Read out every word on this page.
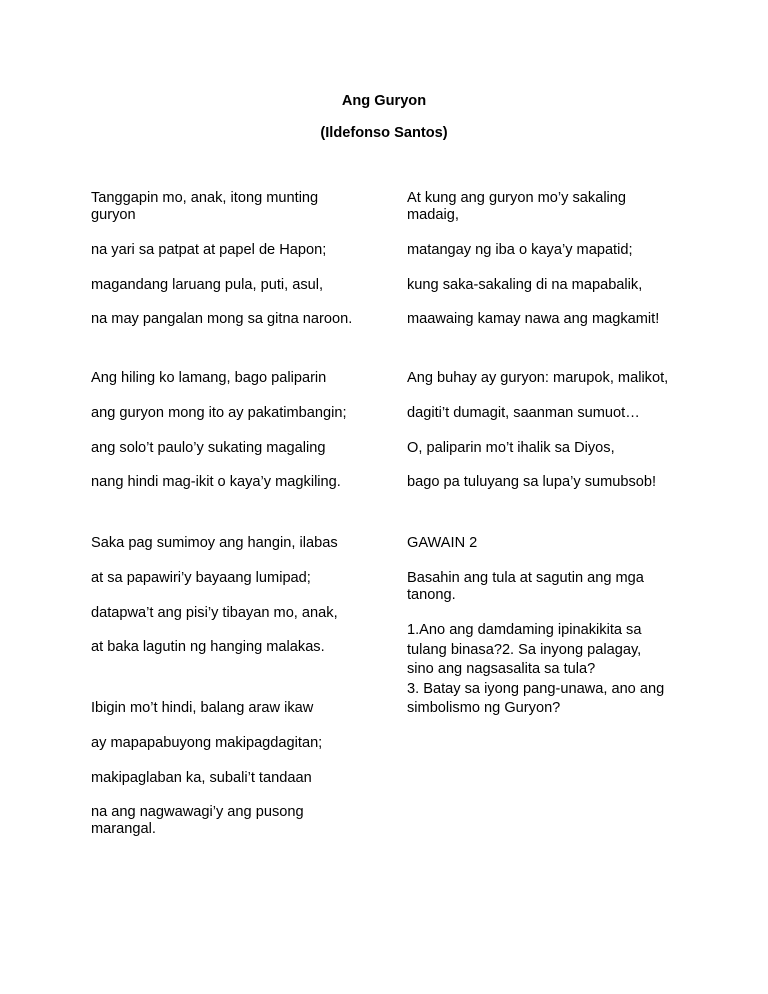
Ang Guryon
(Ildefonso Santos)
Tanggapin mo, anak, itong munting guryon
na yari sa patpat at papel de Hapon;
magandang laruang pula, puti, asul,
na may pangalan mong sa gitna naroon.
Ang hiling ko lamang, bago paliparin
ang guryon mong ito ay pakatimbangin;
ang solo’t paulo’y sukating magaling
nang hindi mag-ikit o kaya’y magkiling.
Saka pag sumimoy ang hangin, ilabas
at sa papawiri’y bayaang lumipad;
datapwa’t ang pisi’y tibayan mo, anak,
at baka lagutin ng hanging malakas.
Ibigin mo’t hindi, balang araw ikaw
ay mapapabuyong makipagdagitan;
makipaglaban ka, subali’t tandaan
na ang nagwawagi’y ang pusong marangal.
At kung ang guryon mo’y sakaling madaig,
matangay ng iba o kaya’y mapatid;
kung saka-sakaling di na mapabalik,
maawaing kamay nawa ang magkamit!
Ang buhay ay guryon: marupok, malikot,
dagiti’t dumagit, saanman sumuot…
O, paliparin mo’t ihalik sa Diyos,
bago pa tuluyang sa lupa’y sumubsob!
GAWAIN 2
Basahin ang tula at sagutin ang mga tanong.
1.Ano ang damdaming ipinakikita sa tulang binasa?2. Sa inyong palagay, sino ang nagsasalita sa tula?
3. Batay sa iyong pang-unawa, ano ang simbolismo ng Guryon?
